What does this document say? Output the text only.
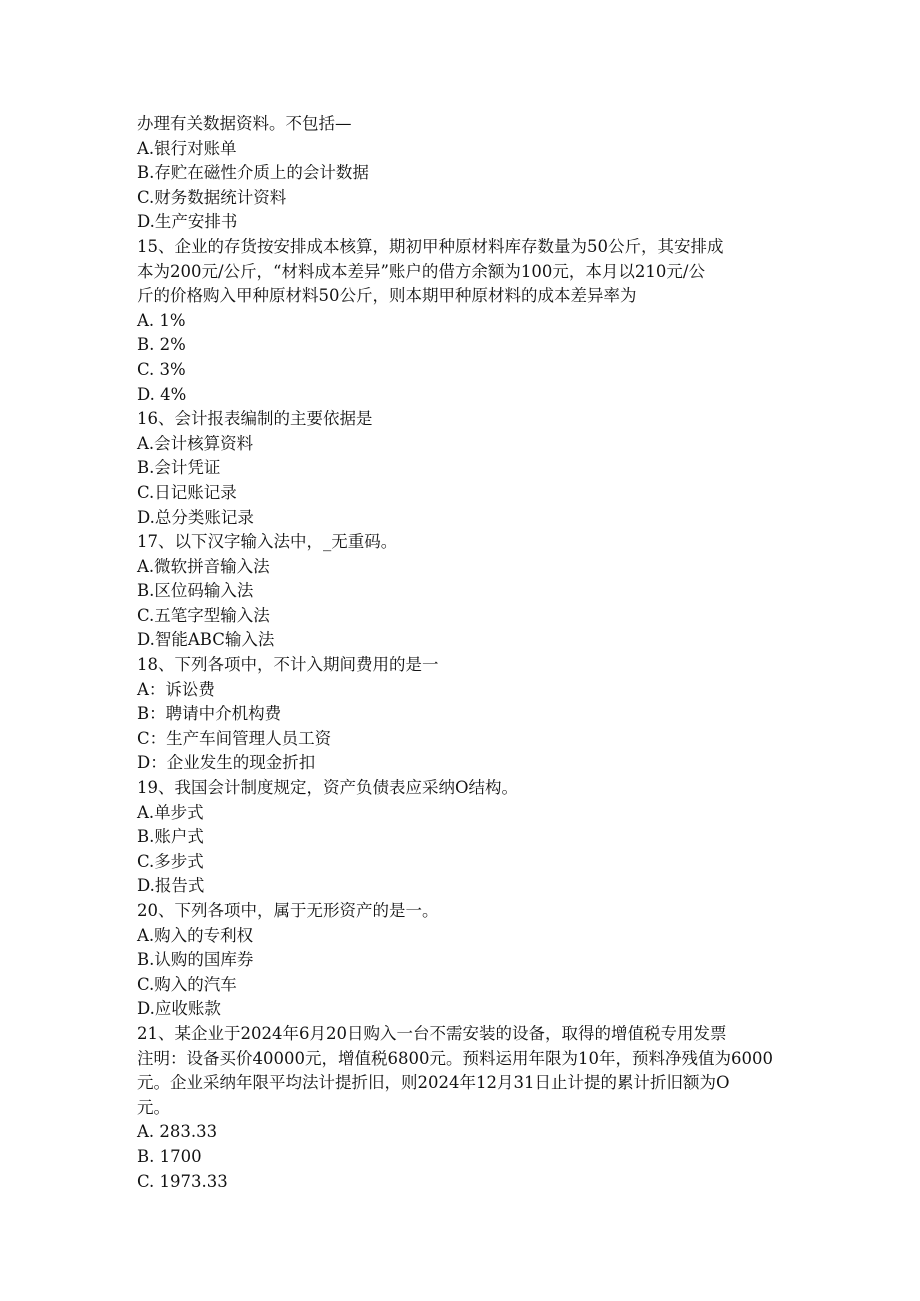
办理有关数据资料。不包括—
A.银行对账单
B.存贮在磁性介质上的会计数据
C.财务数据统计资料
D.生产安排书
15、企业的存货按安排成本核算，期初甲种原材料库存数量为50公斤，其安排成
本为200元/公斤，“材料成本差异”账户的借方余额为100元，本月以210元/公
斤的价格购入甲种原材料50公斤，则本期甲种原材料的成本差异率为
A. 1%
B. 2%
C. 3%
D. 4%
16、会计报表编制的主要依据是
A.会计核算资料
B.会计凭证
C.日记账记录
D.总分类账记录
17、以下汉字输入法中，_无重码。
A.微软拼音输入法
B.区位码输入法
C.五笔字型输入法
D.智能ABC输入法
18、下列各项中，不计入期间费用的是一
A：诉讼费
B：聘请中介机构费
C：生产车间管理人员工资
D：企业发生的现金折扣
19、我国会计制度规定，资产负债表应采纳O结构。
A.单步式
B.账户式
C.多步式
D.报告式
20、下列各项中，属于无形资产的是一。
A.购入的专利权
B.认购的国库券
C.购入的汽车
D.应收账款
21、某企业于2024年6月20日购入一台不需安装的设备，取得的增值税专用发票
注明：设备买价40000元，增值税6800元。预料运用年限为10年，预料净残值为6000
元。企业采纳年限平均法计提折旧，则2024年12月31日止计提的累计折旧额为O
元。
A. 283.33
B. 1700
C. 1973.33
